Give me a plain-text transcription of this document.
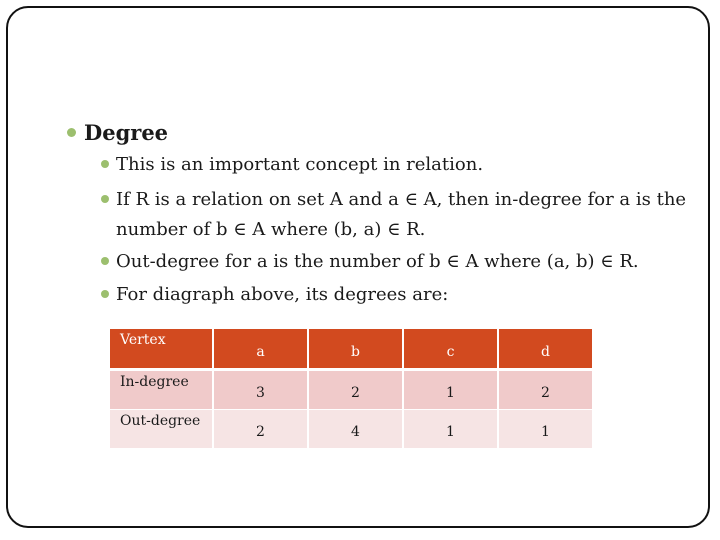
Degree
This is an important concept in relation.
If R is a relation on set A and a ∈ A, then in-degree for a is the
number of b ∈ A where (b, a) ∈ R.
Out-degree for a is the number of b ∈ A where (a, b) ∈ R.
For diagraph above, its degrees are:
Vertex	a	b	c	d
In-degree	3	2	1	2
Out-degree	2	4	1	1
